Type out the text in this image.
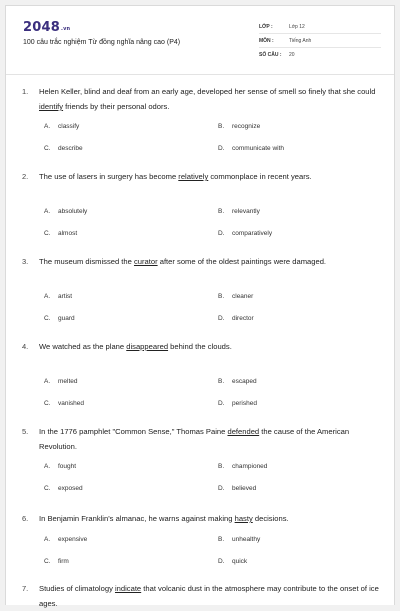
2048.vn
100 câu trắc nghiệm Từ đồng nghĩa nâng cao (P4)
LỚP :	Lớp 12
MÔN :	Tiếng Anh
SỐ CÂU : 20
1. Helen Keller, blind and deaf from an early age, developed her sense of smell so finely that she could identify friends by their personal odors.
A. classify	B. recognize
C. describe	D. communicate with
2. The use of lasers in surgery has become relatively commonplace in recent years.
A. absolutely	B. relevantly
C. almost	D. comparatively
3. The museum dismissed the curator after some of the oldest paintings were damaged.
A. artist	B. cleaner
C. guard	D. director
4. We watched as the plane disappeared behind the clouds.
A. melted	B. escaped
C. vanished	D. perished
5. In the 1776 pamphlet "Common Sense," Thomas Paine defended the cause of the American Revolution.
A. fought	B. championed
C. exposed	D. believed
6. In Benjamin Franklin's almanac, he warns against making hasty decisions.
A. expensive	B. unhealthy
C. firm	D. quick
7. Studies of climatology indicate that volcanic dust in the atmosphere may contribute to the onset of ice ages.
